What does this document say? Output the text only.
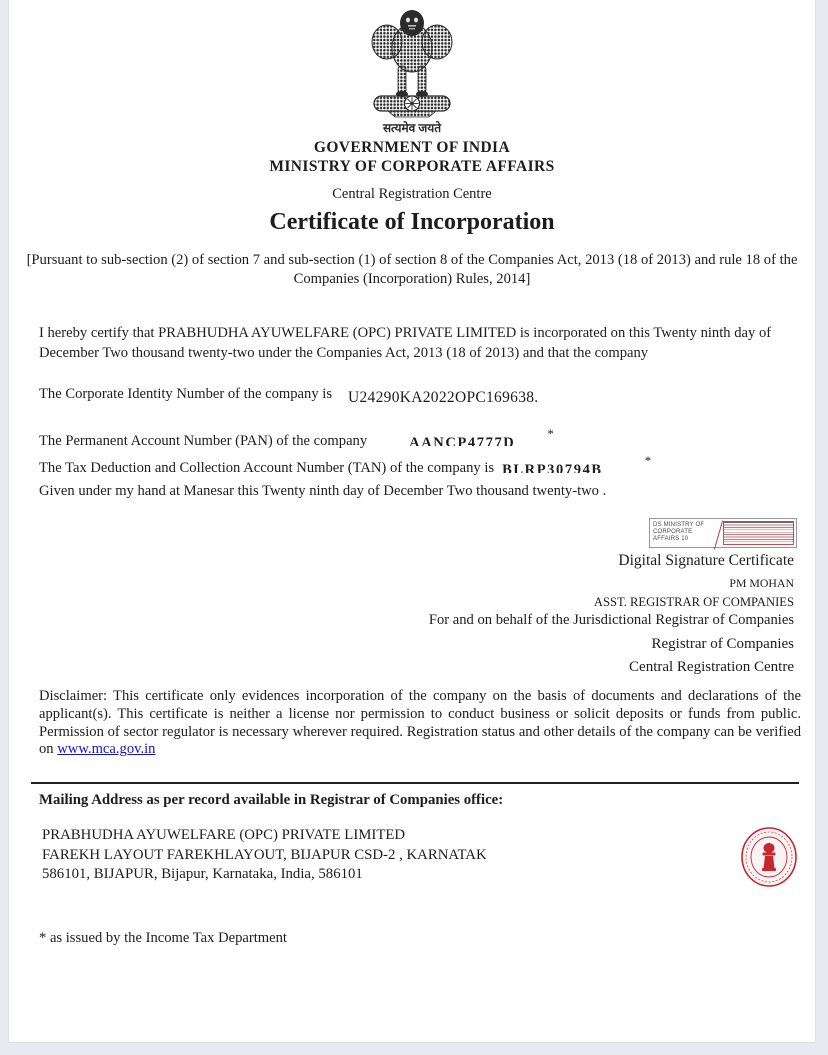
सत्यमेव जयते
GOVERNMENT OF INDIA
MINISTRY OF CORPORATE AFFAIRS
Central Registration Centre
Certificate of Incorporation
[Pursuant to sub-section (2) of section 7 and sub-section (1) of section 8 of the Companies Act, 2013 (18 of 2013) and rule 18 of the Companies (Incorporation) Rules, 2014]
I hereby certify that PRABHUDHA AYUWELFARE (OPC) PRIVATE LIMITED is incorporated on this Twenty ninth day of December Two thousand twenty-two under the Companies Act, 2013 (18 of 2013) and that the company
The Corporate Identity Number of the company is U24290KA2022OPC169638.
The Permanent Account Number (PAN) of the company	AANCP4777D*
The Tax Deduction and Collection Account Number (TAN) of the company is BLRP30794B*
Given under my hand at Manesar this Twenty ninth day of December Two thousand twenty-two .
DS MINISTRY OF
CORPORATE AFFAIRS 10
Digital Signature Certificate
PM MOHAN
ASST. REGISTRAR OF COMPANIES
For and on behalf of the Jurisdictional Registrar of Companies
Registrar of Companies
Central Registration Centre
Disclaimer: This certificate only evidences incorporation of the company on the basis of documents and declarations of the applicant(s). This certificate is neither a license nor permission to conduct business or solicit deposits or funds from public. Permission of sector regulator is necessary wherever required. Registration status and other details of the company can be verified on www.mca.gov.in
Mailing Address as per record available in Registrar of Companies office:
PRABHUDHA AYUWELFARE (OPC) PRIVATE LIMITED
FAREKH LAYOUT FAREKHLAYOUT, BIJAPUR CSD-2 , KARNATAK
586101, BIJAPUR, Bijapur, Karnataka, India, 586101
* as issued by the Income Tax Department
